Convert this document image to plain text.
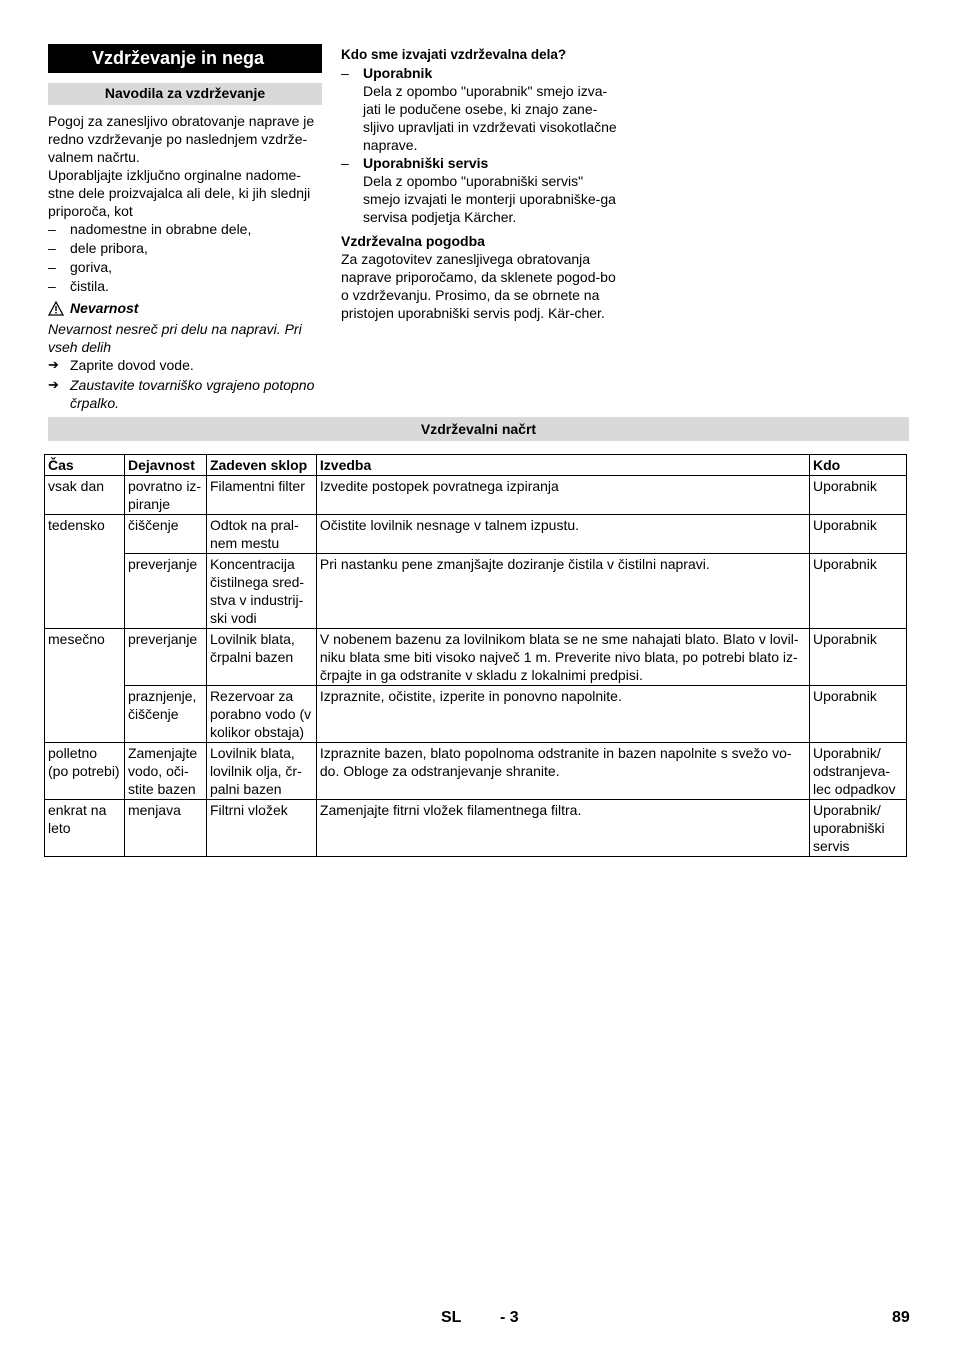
Vzdrževanje in nega
Navodila za vzdrževanje
Pogoj za zanesljivo obratovanje naprave je redno vzdrževanje po naslednjem vzdrže-valnem načrtu.
Uporabljajte izključno orginalne nadome-stne dele proizvajalca ali dele, ki jih slednji priporoča, kot
– nadomestne in obrabne dele,
– dele pribora,
– goriva,
– čistila.
Nevarnost
Nevarnost nesreč pri delu na napravi. Pri vseh delih
➔ Zaprite dovod vode.
➔ Zaustavite tovarniško vgrajeno potopno črpalko.
Kdo sme izvajati vzdrževalna dela?
– Uporabnik
Dela z opombo "uporabnik" smejo izva-jati le podučene osebe, ki znajo zane-sljivo upravljati in vzdrževati visokotlačne naprave.
– Uporabniški servis
Dela z opombo "uporabniški servis" smejo izvajati le monterji uporabniške-ga servisa podjetja Kärcher.
Vzdrževalna pogodba
Za zagotovitev zanesljivega obratovanja naprave priporočamo, da sklenete pogod-bo o vzdrževanju. Prosimo, da se obrnete na pristojen uporabniški servis podj. Kär-cher.
Vzdrževalni načrt
Čas	Dejavnost	Zadeven sklop	Izvedba	Kdo
vsak dan	povratno iz-piranje	Filamentni filter	Izvedite postopek povratnega izpiranja	Uporabnik
tedensko	čiščenje	Odtok na pral-nem mestu	Očistite lovilnik nesnage v talnem izpustu.	Uporabnik
	preverjanje	Koncentracija čistilnega sred-stva v industrij-ski vodi	Pri nastanku pene zmanjšajte doziranje čistila v čistilni napravi.	Uporabnik
mesečno	preverjanje	Lovilnik blata, črpalni bazen	V nobenem bazenu za lovilnikom blata se ne sme nahajati blato. Blato v lovil-niku blata sme biti visoko največ 1 m. Preverite nivo blata, po potrebi blato iz-črpajte in ga odstranite v skladu z lokalnimi predpisi.	Uporabnik
	praznjenje, čiščenje	Rezervoar za porabno vodo (v kolikor obstaja)	Izpraznite, očistite, izperite in ponovno napolnite.	Uporabnik
polletno (po potrebi)	Zamenjajte vodo, oči-stite bazen	Lovilnik blata, lovilnik olja, čr-palni bazen	Izpraznite bazen, blato popolnoma odstranite in bazen napolnite s svežo vo-do. Obloge za odstranjevanje shranite.	Uporabnik/ odstranjeva-lec odpadkov
enkrat na leto	menjava	Filtrni vložek	Zamenjajte fitrni vložek filamentnega filtra.	Uporabnik/ uporabniški servis
SL - 3	89
